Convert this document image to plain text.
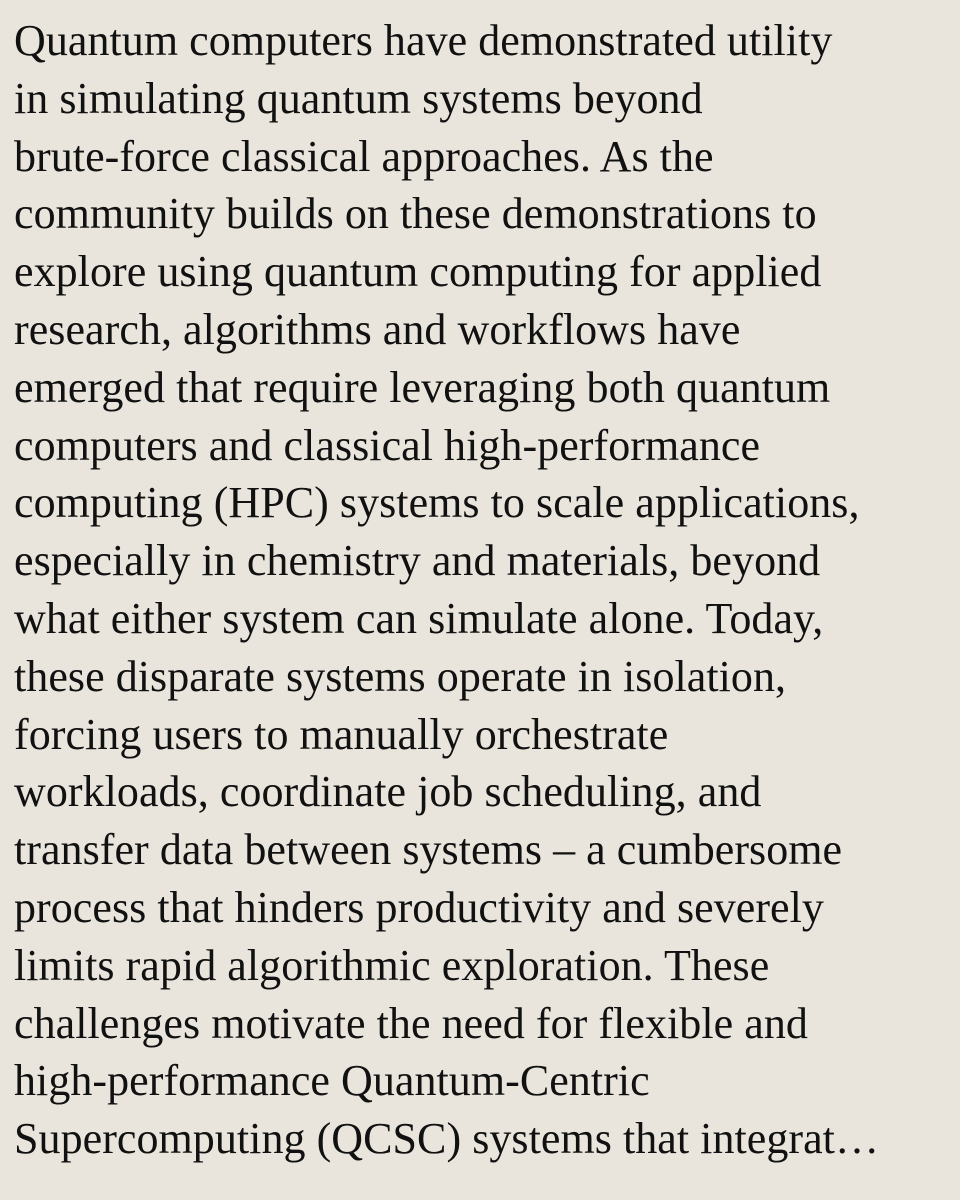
Quantum computers have demonstrated utility
in simulating quantum systems beyond
brute-force classical approaches. As the
community builds on these demonstrations to
explore using quantum computing for applied
research, algorithms and workflows have
emerged that require leveraging both quantum
computers and classical high-performance
computing (HPC) systems to scale applications,
especially in chemistry and materials, beyond
what either system can simulate alone. Today,
these disparate systems operate in isolation,
forcing users to manually orchestrate
workloads, coordinate job scheduling, and
transfer data between systems – a cumbersome
process that hinders productivity and severely
limits rapid algorithmic exploration. These
challenges motivate the need for flexible and
high-performance Quantum-Centric
Supercomputing (QCSC) systems that integrat…
